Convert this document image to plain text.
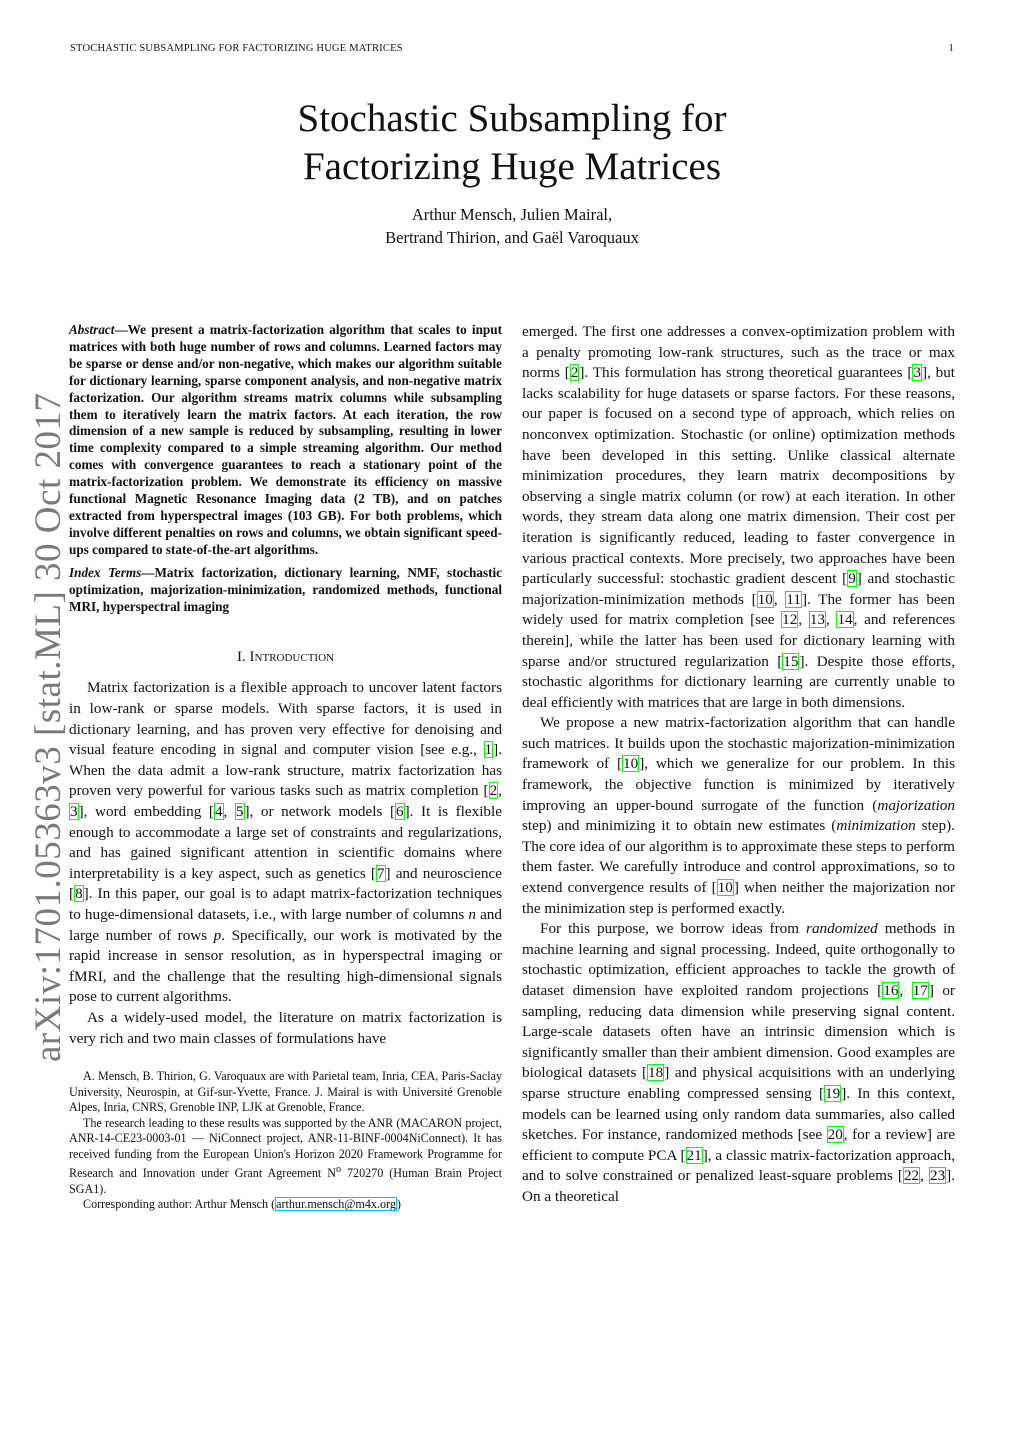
STOCHASTIC SUBSAMPLING FOR FACTORIZING HUGE MATRICES	1
Stochastic Subsampling for
Factorizing Huge Matrices
Arthur Mensch, Julien Mairal,
Bertrand Thirion, and Gaël Varoquaux
arXiv:1701.05363v3 [stat.ML] 30 Oct 2017

Abstract—We present a matrix-factorization algorithm that scales to input matrices with both huge number of rows and columns. Learned factors may be sparse or dense and/or non-negative, which makes our algorithm suitable for dictionary learning, sparse component analysis, and non-negative matrix factorization. Our algorithm streams matrix columns while subsampling them to iteratively learn the matrix factors. At each iteration, the row dimension of a new sample is reduced by subsampling, resulting in lower time complexity compared to a simple streaming algorithm. Our method comes with convergence guarantees to reach a stationary point of the matrix-factorization problem. We demonstrate its efficiency on massive functional Magnetic Resonance Imaging data (2 TB), and on patches extracted from hyperspectral images (103 GB). For both problems, which involve different penalties on rows and columns, we obtain significant speed-ups compared to state-of-the-art algorithms.

Index Terms—Matrix factorization, dictionary learning, NMF, stochastic optimization, majorization-minimization, randomized methods, functional MRI, hyperspectral imaging

I. Introduction

Matrix factorization is a flexible approach to uncover latent factors in low-rank or sparse models. With sparse factors, it is used in dictionary learning, and has proven very effective for denoising and visual feature encoding in signal and computer vision [see e.g., 1]. When the data admit a low-rank structure, matrix factorization has proven very powerful for various tasks such as matrix completion [2, 3], word embedding [4, 5], or network models [6]. It is flexible enough to accommodate a large set of constraints and regularizations, and has gained significant attention in scientific domains where interpretability is a key aspect, such as genetics [7] and neuroscience [8]. In this paper, our goal is to adapt matrix-factorization techniques to huge-dimensional datasets, i.e., with large number of columns n and large number of rows p. Specifically, our work is motivated by the rapid increase in sensor resolution, as in hyperspectral imaging or fMRI, and the challenge that the resulting high-dimensional signals pose to current algorithms.

As a widely-used model, the literature on matrix factorization is very rich and two main classes of formulations have

A. Mensch, B. Thirion, G. Varoquaux are with Parietal team, Inria, CEA, Paris-Saclay University, Neurospin, at Gif-sur-Yvette, France. J. Mairal is with Université Grenoble Alpes, Inria, CNRS, Grenoble INP, LJK at Grenoble, France.

The research leading to these results was supported by the ANR (MACARON project, ANR-14-CE23-0003-01 — NiConnect project, ANR-11-BINF-0004NiConnect). It has received funding from the European Union's Horizon 2020 Framework Programme for Research and Innovation under Grant Agreement $N^o$ 720270 (Human Brain Project SGA1).

Corresponding author: Arthur Mensch (arthur.mensch@m4x.org)

emerged. The first one addresses a convex-optimization problem with a penalty promoting low-rank structures, such as the trace or max norms [2]. This formulation has strong theoretical guarantees [3], but lacks scalability for huge datasets or sparse factors. For these reasons, our paper is focused on a second type of approach, which relies on nonconvex optimization. Stochastic (or online) optimization methods have been developed in this setting. Unlike classical alternate minimization procedures, they learn matrix decompositions by observing a single matrix column (or row) at each iteration. In other words, they stream data along one matrix dimension. Their cost per iteration is significantly reduced, leading to faster convergence in various practical contexts. More precisely, two approaches have been particularly successful: stochastic gradient descent [9] and stochastic majorization-minimization methods [10, 11]. The former has been widely used for matrix completion [see 12, 13, 14, and references therein], while the latter has been used for dictionary learning with sparse and/or structured regularization [15]. Despite those efforts, stochastic algorithms for dictionary learning are currently unable to deal efficiently with matrices that are large in both dimensions.

We propose a new matrix-factorization algorithm that can handle such matrices. It builds upon the stochastic majorization-minimization framework of [10], which we generalize for our problem. In this framework, the objective function is minimized by iteratively improving an upper-bound surrogate of the function (majorization step) and minimizing it to obtain new estimates (minimization step). The core idea of our algorithm is to approximate these steps to perform them faster. We carefully introduce and control approximations, so to extend convergence results of [10] when neither the majorization nor the minimization step is performed exactly.

For this purpose, we borrow ideas from randomized methods in machine learning and signal processing. Indeed, quite orthogonally to stochastic optimization, efficient approaches to tackle the growth of dataset dimension have exploited random projections [16, 17] or sampling, reducing data dimension while preserving signal content. Large-scale datasets often have an intrinsic dimension which is significantly smaller than their ambient dimension. Good examples are biological datasets [18] and physical acquisitions with an underlying sparse structure enabling compressed sensing [19]. In this context, models can be learned using only random data summaries, also called sketches. For instance, randomized methods [see 20, for a review] are efficient to compute PCA [21], a classic matrix-factorization approach, and to solve constrained or penalized least-square problems [22, 23]. On a theoretical
